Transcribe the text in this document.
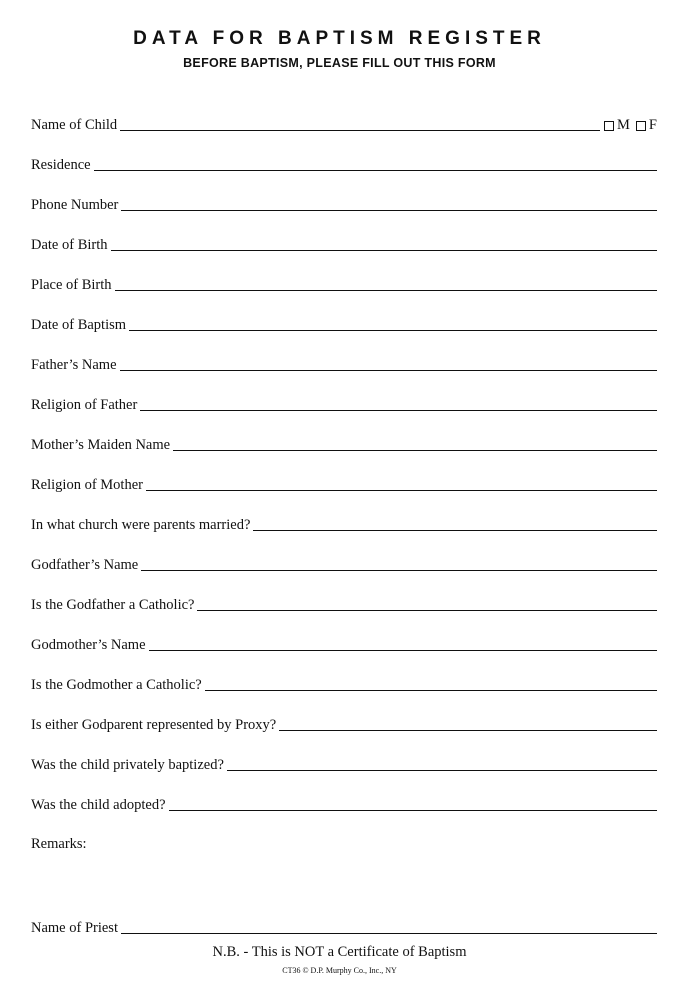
DATA FOR BAPTISM REGISTER
BEFORE BAPTISM, PLEASE FILL OUT THIS FORM
Name of Child	M F
Residence
Phone Number
Date of Birth
Place of Birth
Date of Baptism
Father’s Name
Religion of Father
Mother’s Maiden Name
Religion of Mother
In what church were parents married?
Godfather’s Name
Is the Godfather a Catholic?
Godmother’s Name
Is the Godmother a Catholic?
Is either Godparent represented by Proxy?
Was the child privately baptized?
Was the child adopted?
Name of Priest
Remarks:
N.B. - This is NOT a Certificate of Baptism
CT36 © D.P. Murphy Co., Inc., NY
